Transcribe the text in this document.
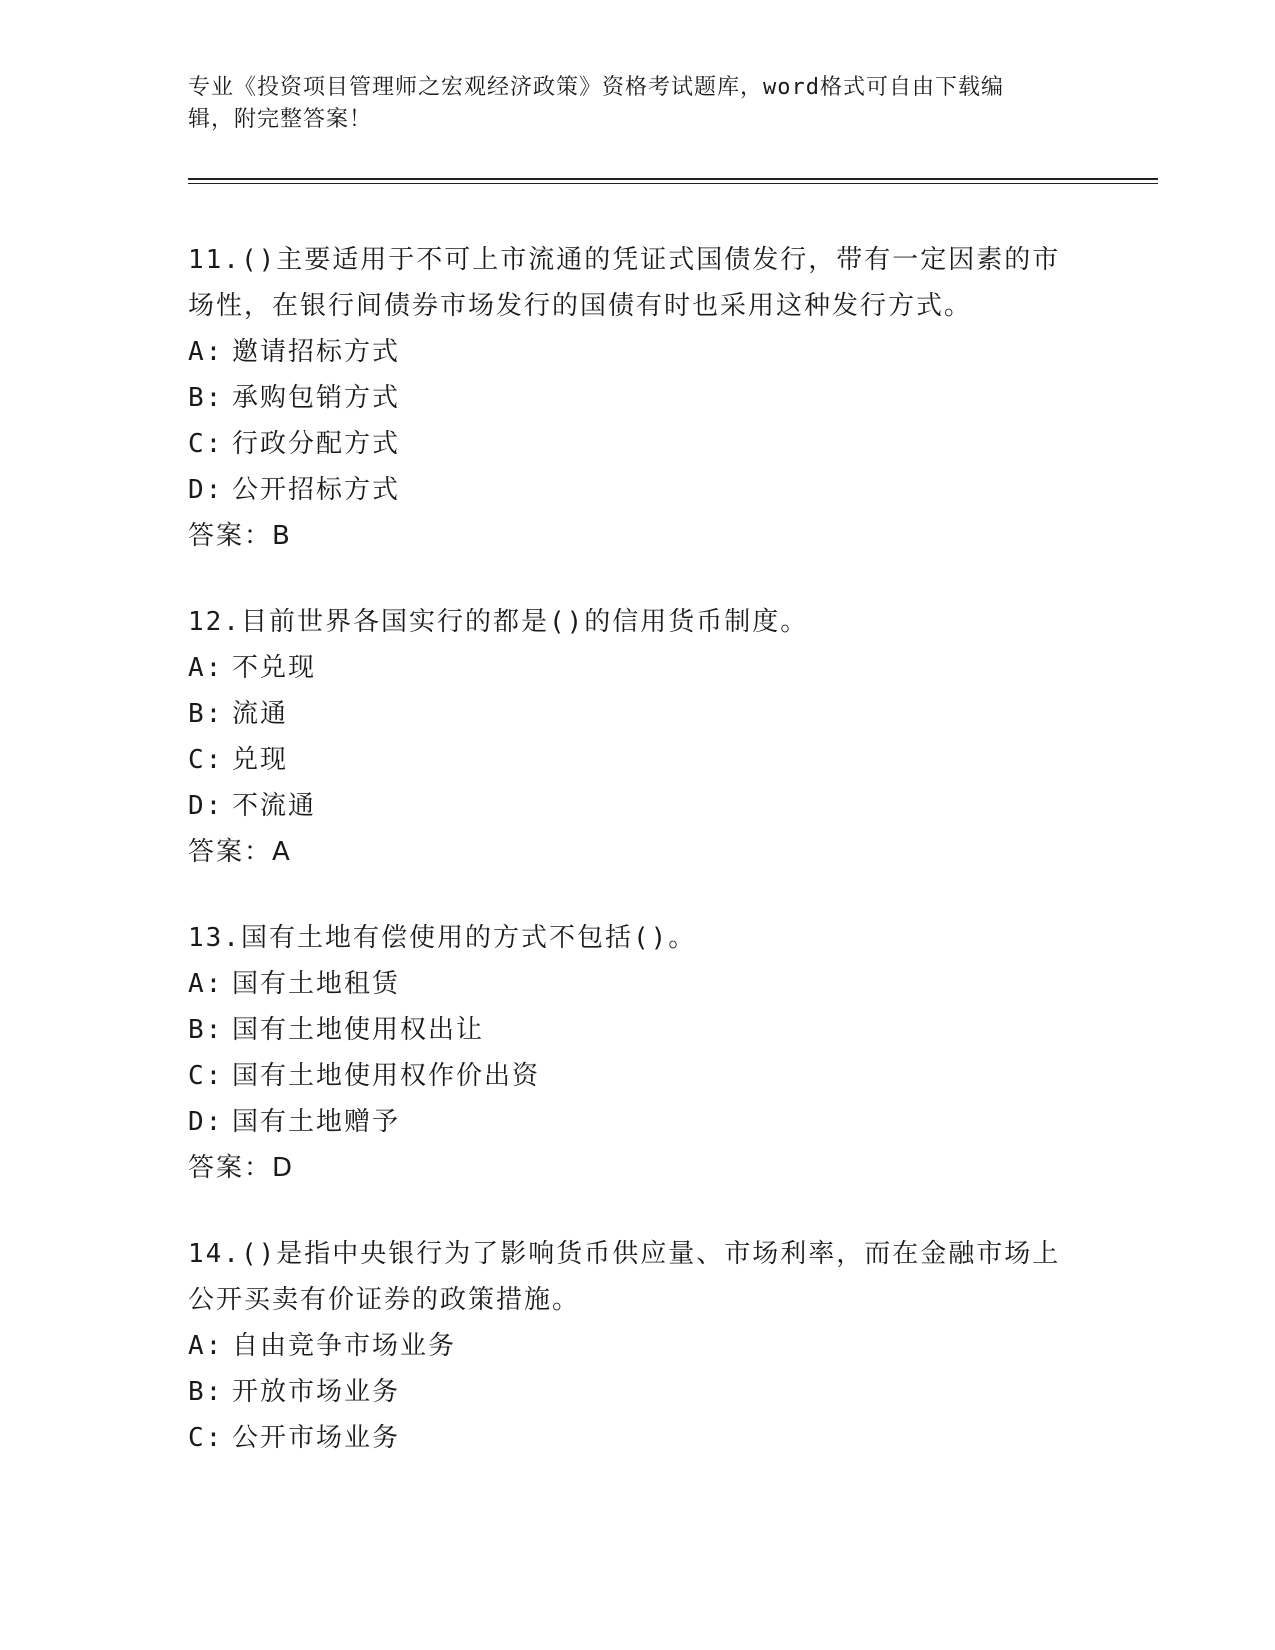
专业《投资项目管理师之宏观经济政策》资格考试题库，word格式可自由下载编
辑，附完整答案！

11.()主要适用于不可上市流通的凭证式国债发行，带有一定因素的市场性，在银行间债券市场发行的国债有时也采用这种发行方式。

A: 邀请招标方式

B: 承购包销方式

C: 行政分配方式

D: 公开招标方式

答案：B

12.目前世界各国实行的都是()的信用货币制度。

A: 不兑现

B: 流通

C: 兑现

D: 不流通

答案：A

13.国有土地有偿使用的方式不包括()。

A: 国有土地租赁

B: 国有土地使用权出让

C: 国有土地使用权作价出资

D: 国有土地赠予

答案：D

14.()是指中央银行为了影响货币供应量、市场利率，而在金融市场上公开买卖有价证券的政策措施。

A: 自由竞争市场业务

B: 开放市场业务

C: 公开市场业务
